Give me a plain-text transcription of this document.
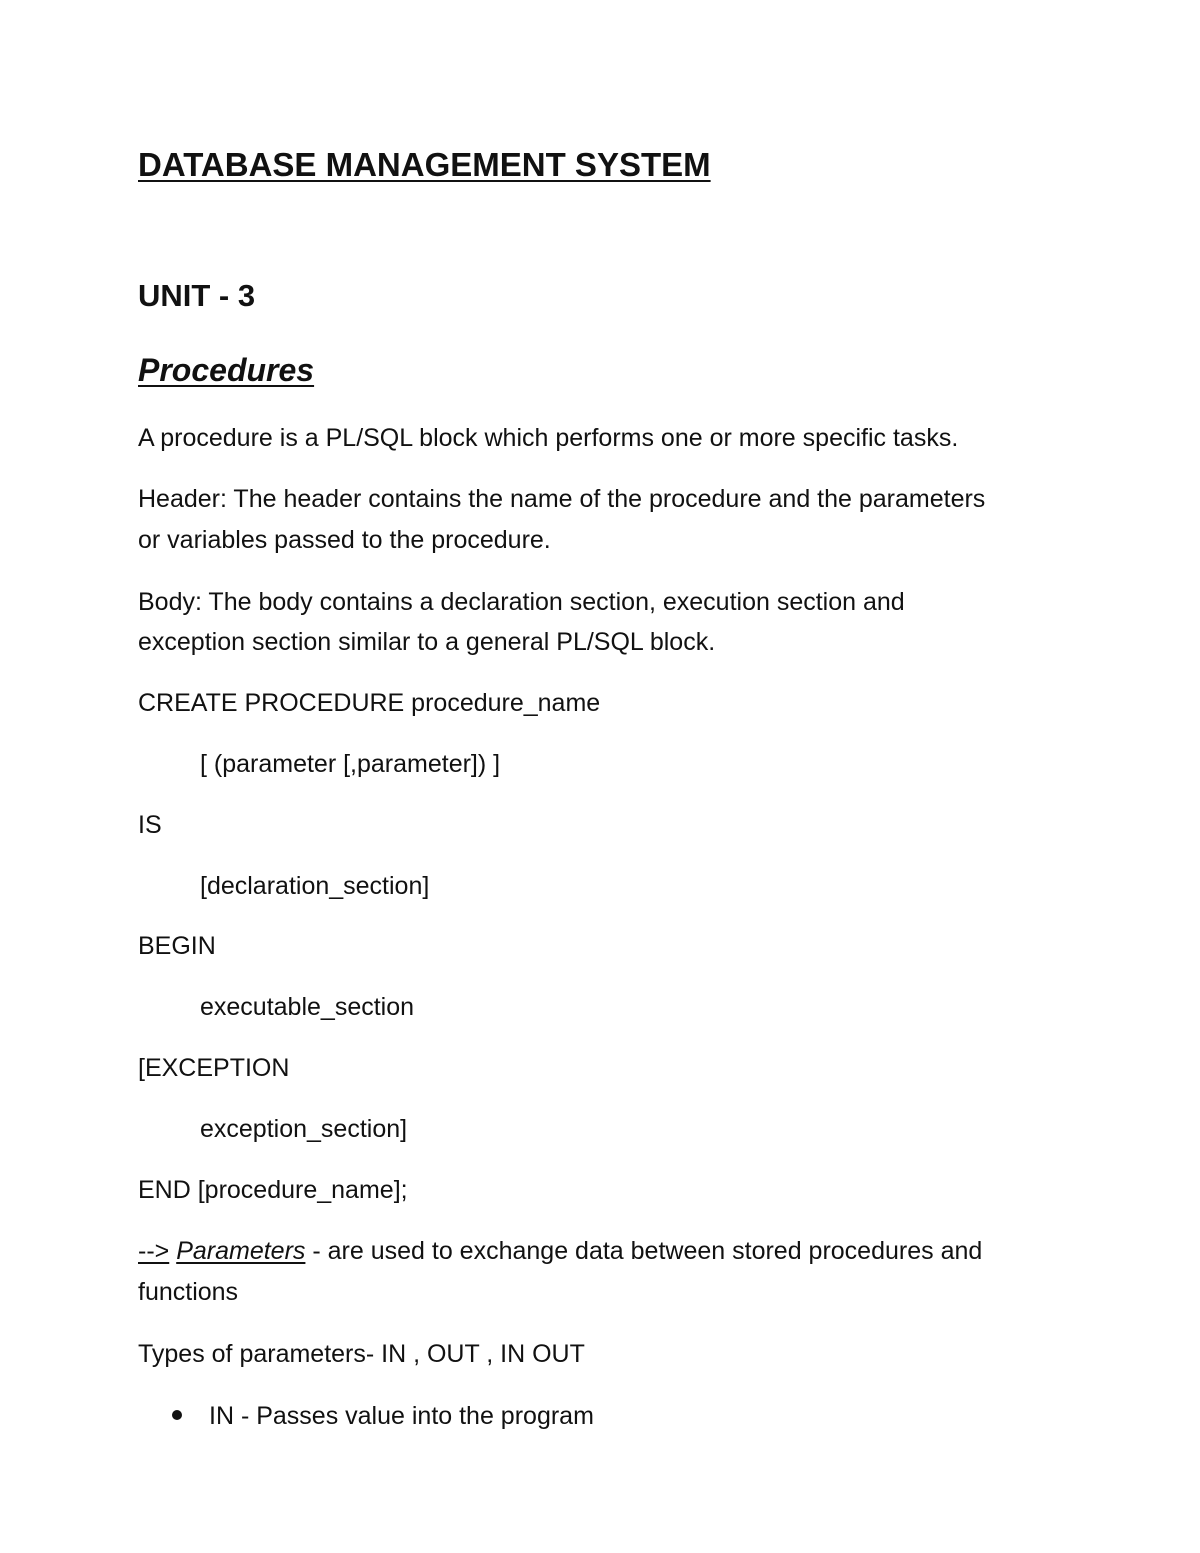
DATABASE MANAGEMENT SYSTEM
UNIT - 3
Procedures
A procedure is a PL/SQL block which performs one or more specific tasks.
Header: The header contains the name of the procedure and the parameters
or variables passed to the procedure.
Body: The body contains a declaration section, execution section and
exception section similar to a general PL/SQL block.
CREATE PROCEDURE procedure_name
[ (parameter [,parameter]) ]
IS
[declaration_section]
BEGIN
executable_section
[EXCEPTION
exception_section]
END [procedure_name];
--> Parameters - are used to exchange data between stored procedures and
functions
Types of parameters- IN , OUT , IN OUT
IN - Passes value into the program
